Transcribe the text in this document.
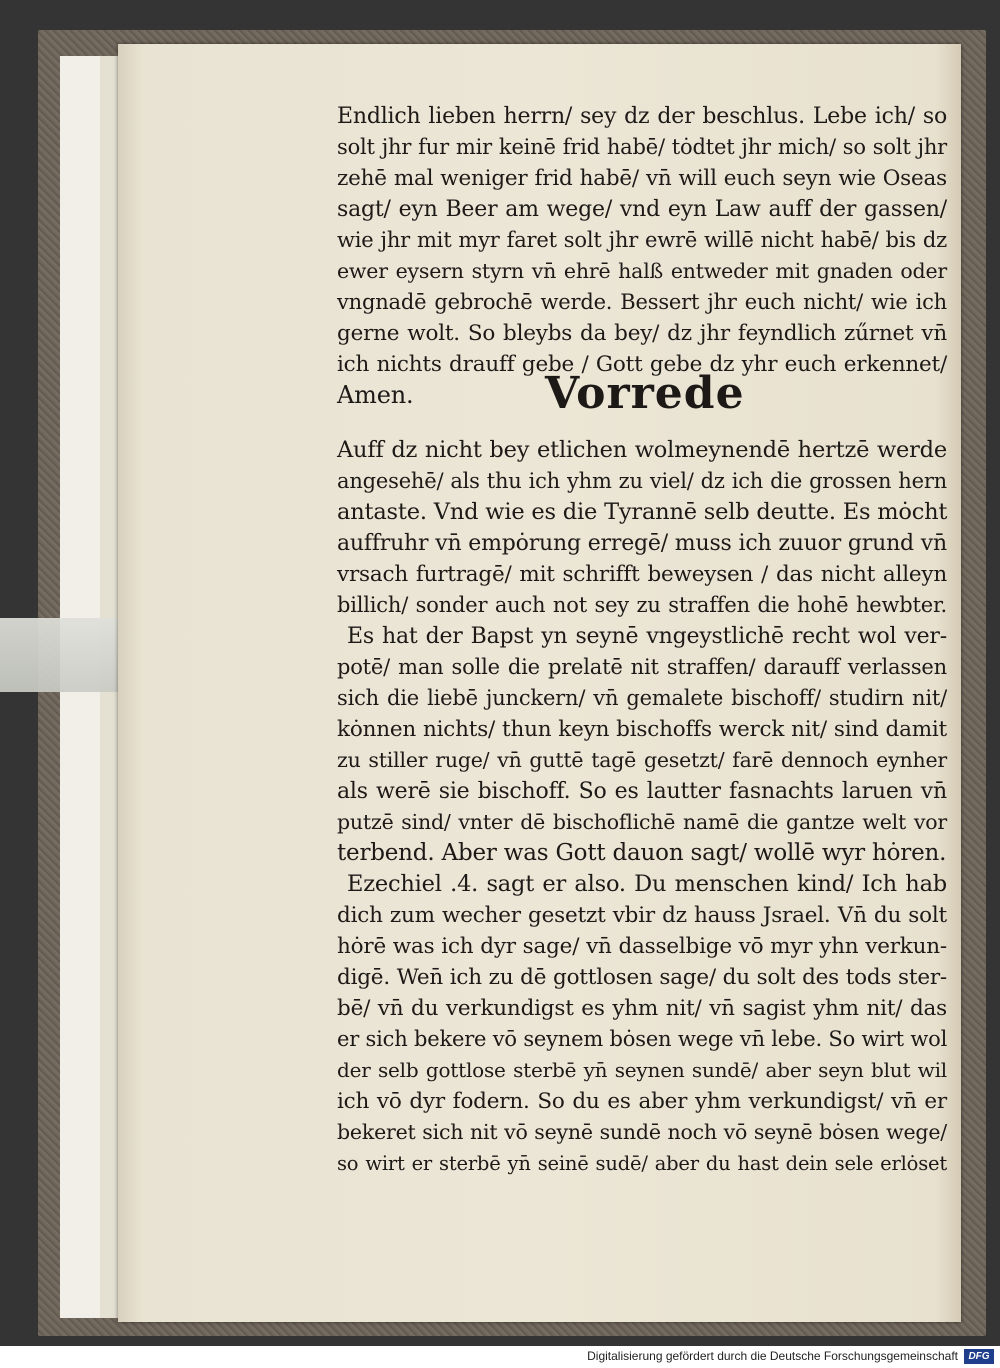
Endlich lieben herrn/ sey dz der beschlus. Lebe ich/ so
solt jhr fur mir keinē frid habē/ tȯdtet jhr mich/ so solt jhr
zehē mal weniger frid habē/ vn̄ will euch seyn wie Oseas
sagt/ eyn Beer am wege/ vnd eyn Law auff der gassen/
wie jhr mit myr faret solt jhr ewrē willē nicht habē/ bis dz
ewer eysern styrn vn̄ ehrē halß entweder mit gnaden oder
vngnadē gebrochē werde. Bessert jhr euch nicht/ wie ich
gerne wolt. So bleybs da bey/ dz jhr feyndlich zűrnet vn̄
ich nichts drauff gebe / Gott gebe dz yhr euch erkennet/
Amen.	Vorrede
Auff dz nicht bey etlichen wolmeynendē hertzē werde
angesehē/ als thu ich yhm zu viel/ dz ich die grossen hern
antaste. Vnd wie es die Tyrannē selb deutte. Es mȯcht
auffruhr vn̄ empȯrung erregē/ muss ich zuuor grund vn̄
vrsach furtragē/ mit schrifft beweysen / das nicht alleyn
billich/ sonder auch not sey zu straffen die hohē hewbter.
Es hat der Bapst yn seynē vngeystlichē recht wol ver-
potē/ man solle die prelatē nit straffen/ darauff verlassen
sich die liebē junckern/ vn̄ gemalete bischoff/ studirn nit/
kȯnnen nichts/ thun keyn bischoffs werck nit/ sind damit
zu stiller ruge/ vn̄ guttē tagē gesetzt/ farē dennoch eynher
als werē sie bischoff. So es lautter fasnachts laruen vn̄
putzē sind/ vnter dē bischoflichē namē die gantze welt vor
terbend. Aber was Gott dauon sagt/ wollē wyr hȯren.
Ezechiel .4. sagt er also. Du menschen kind/ Ich hab
dich zum wecher gesetzt vbir dz hauss Jsrael. Vn̄ du solt
hȯrē was ich dyr sage/ vn̄ dasselbige vō myr yhn verkun-
digē. Wen̄ ich zu dē gottlosen sage/ du solt des tods ster-
bē/ vn̄ du verkundigst es yhm nit/ vn̄ sagist yhm nit/ das
er sich bekere vō seynem bȯsen wege vn̄ lebe. So wirt wol
der selb gottlose sterbē yn̄ seynen sundē/ aber seyn blut wil
ich vō dyr fodern. So du es aber yhm verkundigst/ vn̄ er
bekeret sich nit vō seynē sundē noch vō seynē bȯsen wege/
so wirt er sterbē yn̄ seinē sudē/ aber du hast dein sele erlȯset
Digitalisierung gefördert durch die Deutsche Forschungsgemeinschaft	DFG
